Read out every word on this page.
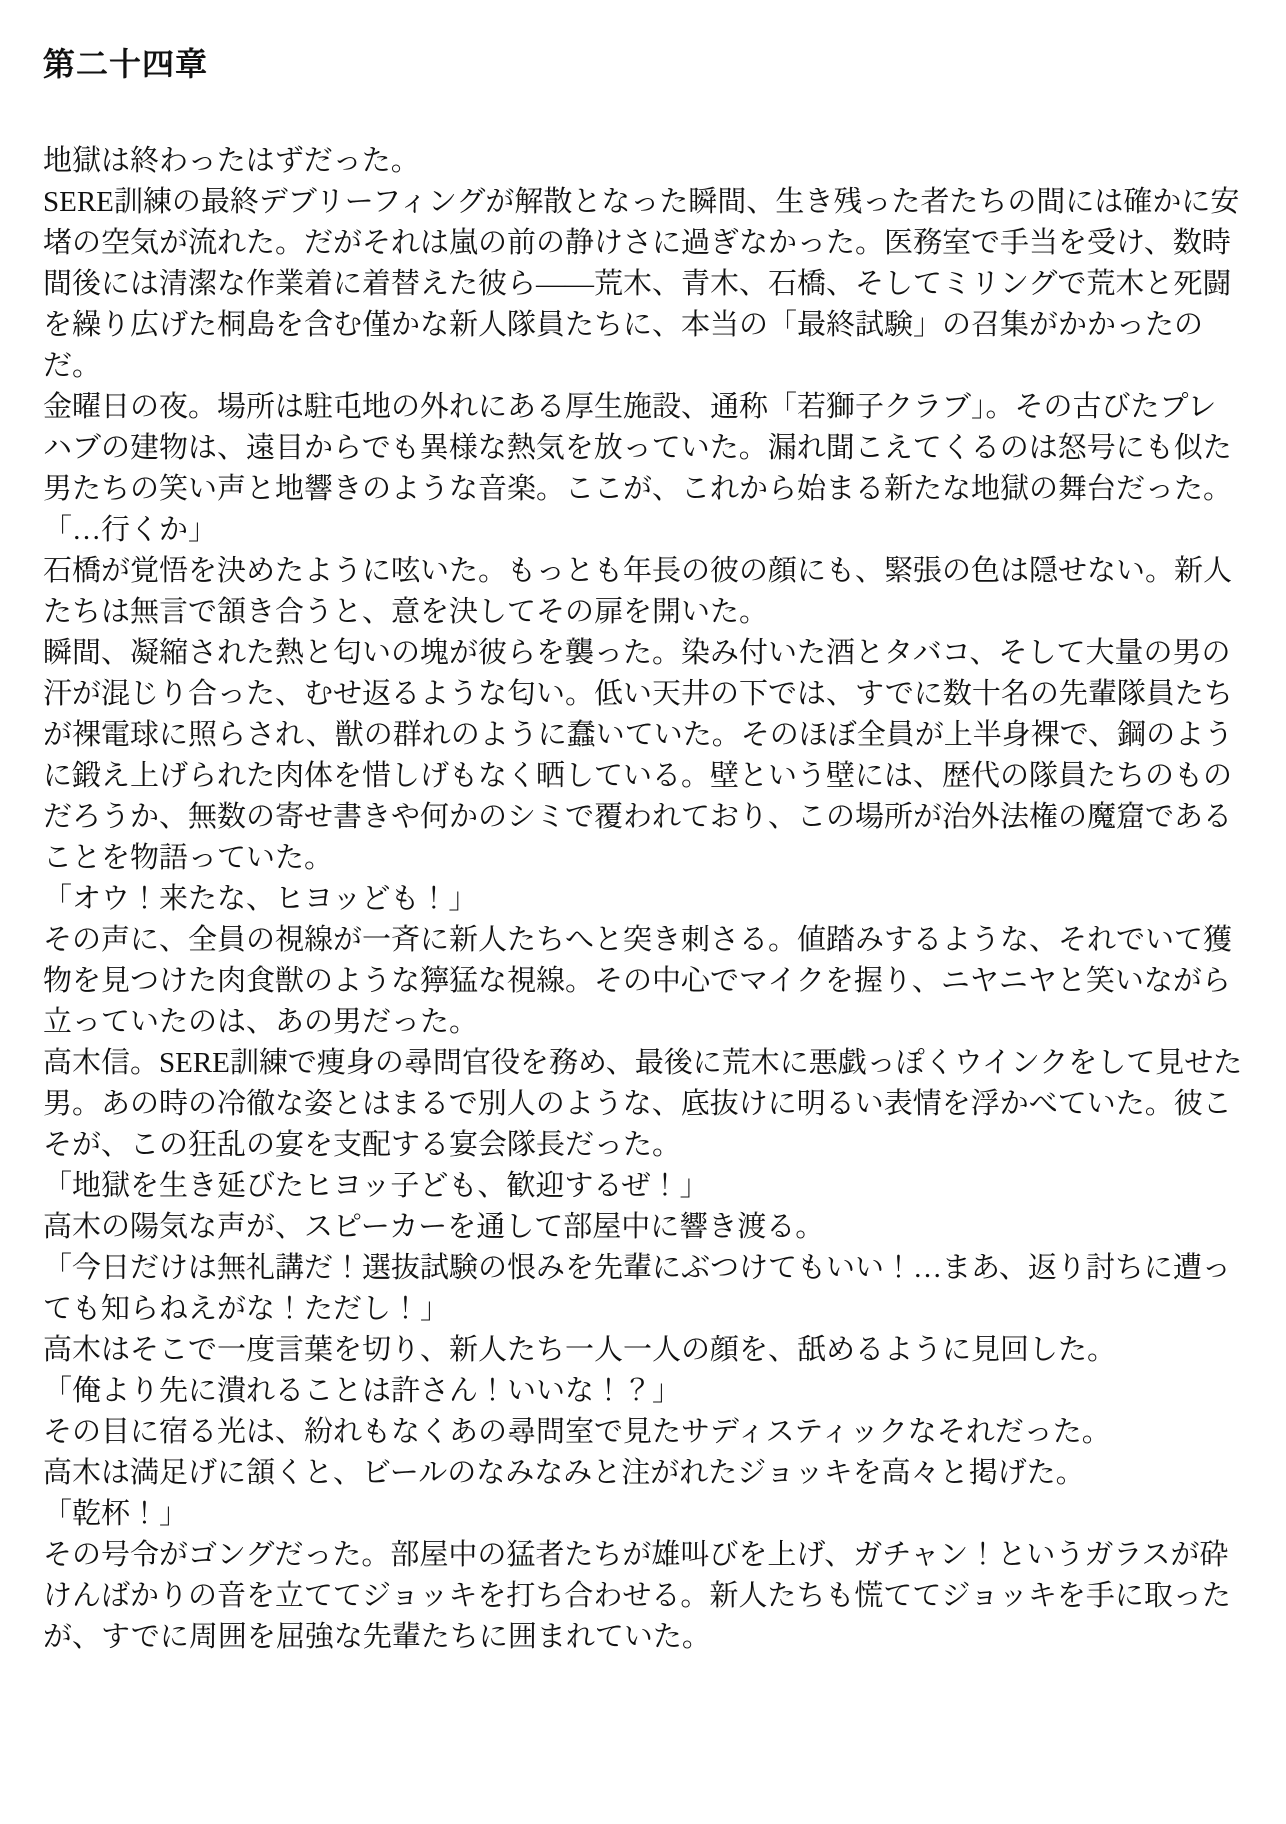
第二十四章

地獄は終わったはずだった。

SERE訓練の最終デブリーフィングが解散となった瞬間、生き残った者たちの間には確かに安堵の空気が流れた。だがそれは嵐の前の静けさに過ぎなかった。医務室で手当を受け、数時間後には清潔な作業着に着替えた彼ら――荒木、青木、石橋、そしてミリングで荒木と死闘を繰り広げた桐島を含む僅かな新人隊員たちに、本当の「最終試験」の召集がかかったのだ。

金曜日の夜。場所は駐屯地の外れにある厚生施設、通称「若獅子クラブ」。その古びたプレハブの建物は、遠目からでも異様な熱気を放っていた。漏れ聞こえてくるのは怒号にも似た男たちの笑い声と地響きのような音楽。ここが、これから始まる新たな地獄の舞台だった。

「…行くか」

石橋が覚悟を決めたように呟いた。もっとも年長の彼の顔にも、緊張の色は隠せない。新人たちは無言で頷き合うと、意を決してその扉を開いた。

瞬間、凝縮された熱と匂いの塊が彼らを襲った。染み付いた酒とタバコ、そして大量の男の汗が混じり合った、むせ返るような匂い。低い天井の下では、すでに数十名の先輩隊員たちが裸電球に照らされ、獣の群れのように蠢いていた。そのほぼ全員が上半身裸で、鋼のように鍛え上げられた肉体を惜しげもなく晒している。壁という壁には、歴代の隊員たちのものだろうか、無数の寄せ書きや何かのシミで覆われており、この場所が治外法権の魔窟であることを物語っていた。

「オウ！来たな、ヒヨッども！」

その声に、全員の視線が一斉に新人たちへと突き刺さる。値踏みするような、それでいて獲物を見つけた肉食獣のような獰猛な視線。その中心でマイクを握り、ニヤニヤと笑いながら立っていたのは、あの男だった。

高木信。SERE訓練で痩身の尋問官役を務め、最後に荒木に悪戯っぽくウインクをして見せた男。あの時の冷徹な姿とはまるで別人のような、底抜けに明るい表情を浮かべていた。彼こそが、この狂乱の宴を支配する宴会隊長だった。

「地獄を生き延びたヒヨッ子ども、歓迎するぜ！」

高木の陽気な声が、スピーカーを通して部屋中に響き渡る。

「今日だけは無礼講だ！選抜試験の恨みを先輩にぶつけてもいい！…まあ、返り討ちに遭っても知らねえがな！ただし！」

高木はそこで一度言葉を切り、新人たち一人一人の顔を、舐めるように見回した。

「俺より先に潰れることは許さん！いいな！？」

その目に宿る光は、紛れもなくあの尋問室で見たサディスティックなそれだった。

高木は満足げに頷くと、ビールのなみなみと注がれたジョッキを高々と掲げた。

「乾杯！」

その号令がゴングだった。部屋中の猛者たちが雄叫びを上げ、ガチャン！というガラスが砕けんばかりの音を立ててジョッキを打ち合わせる。新人たちも慌ててジョッキを手に取ったが、すでに周囲を屈強な先輩たちに囲まれていた。
